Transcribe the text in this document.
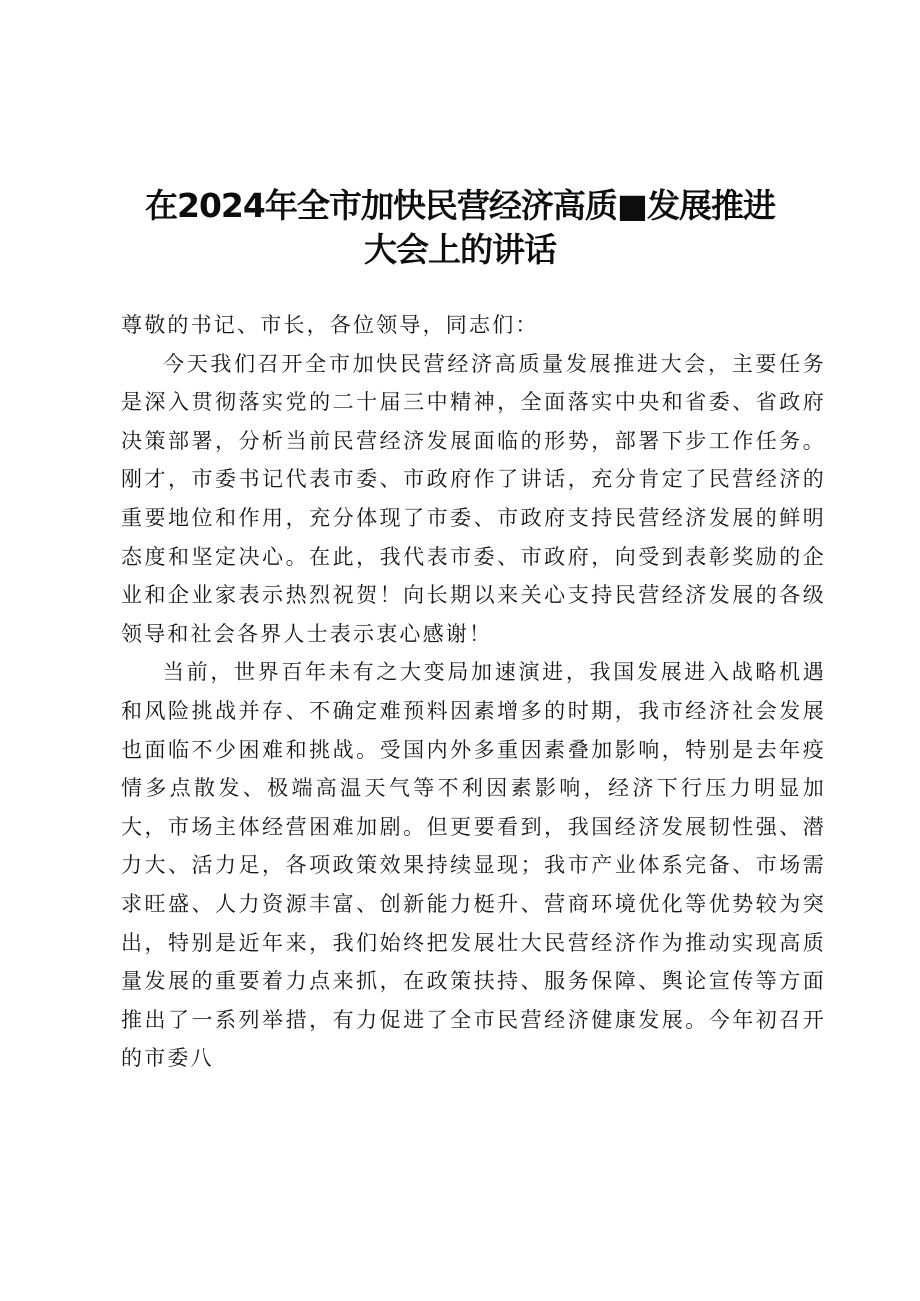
在2024年全市加快民营经济高质■发展推进
大会上的讲话

尊敬的书记、市长，各位领导，同志们：

今天我们召开全市加快民营经济高质量发展推进大会，主要任务是深入贯彻落实党的二十届三中精神，全面落实中央和省委、省政府决策部署，分析当前民营经济发展面临的形势，部署下步工作任务。刚才，市委书记代表市委、市政府作了讲话，充分肯定了民营经济的重要地位和作用，充分体现了市委、市政府支持民营经济发展的鲜明态度和坚定决心。在此，我代表市委、市政府，向受到表彰奖励的企业和企业家表示热烈祝贺！向长期以来关心支持民营经济发展的各级领导和社会各界人士表示衷心感谢！

当前，世界百年未有之大变局加速演进，我国发展进入战略机遇和风险挑战并存、不确定难预料因素增多的时期，我市经济社会发展也面临不少困难和挑战。受国内外多重因素叠加影响，特别是去年疫情多点散发、极端高温天气等不利因素影响，经济下行压力明显加大，市场主体经营困难加剧。但更要看到，我国经济发展韧性强、潜力大、活力足，各项政策效果持续显现；我市产业体系完备、市场需求旺盛、人力资源丰富、创新能力梃升、营商环境优化等优势较为突出，特别是近年来，我们始终把发展壮大民营经济作为推动实现高质量发展的重要着力点来抓，在政策扶持、服务保障、舆论宣传等方面推出了一系列举措，有力促进了全市民营经济健康发展。今年初召开的市委八
